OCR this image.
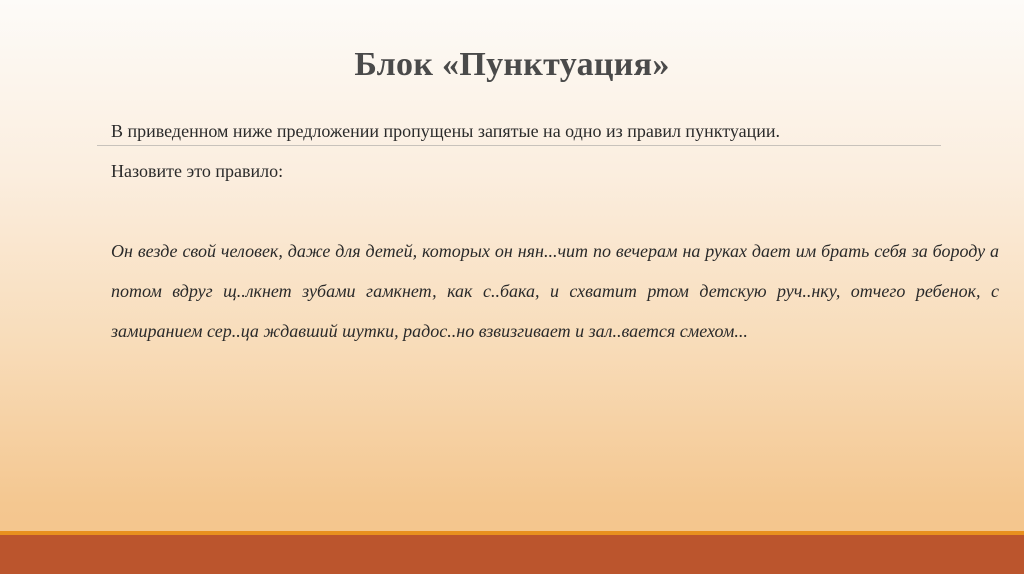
Блок «Пунктуация»
В приведенном ниже предложении пропущены запятые на одно из правил пунктуации.
Назовите это правило:
Он везде свой человек, даже для детей, которых он нян...чит по вечерам на руках дает им брать себя за бороду а потом вдруг щ..лкнет зубами гамкнет, как с..бака, и схватит ртом детскую руч..нку, отчего ребенок, с замиранием сер..ца ждавший шутки, радос..но взвизгивает и зал..вается смехом...
